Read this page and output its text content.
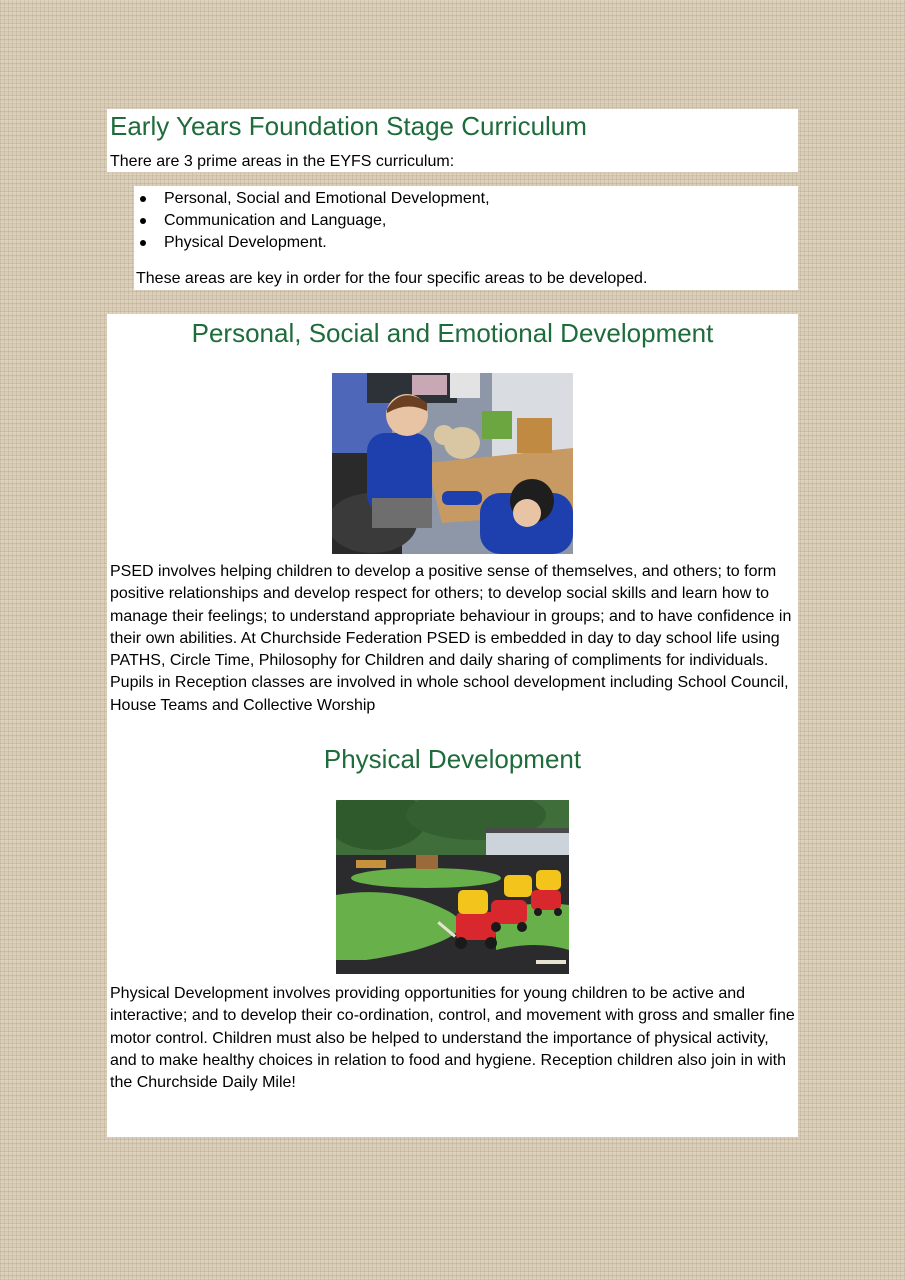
Early Years Foundation Stage Curriculum

There are 3 prime areas in the EYFS curriculum:

Personal, Social and Emotional Development,
Communication and Language,
Physical Development.

These areas are key in order for the four specific areas to be developed.

Personal, Social and Emotional Development

PSED involves helping children to develop a positive sense of themselves, and others; to form positive relationships and develop respect for others; to develop social skills and learn how to manage their feelings; to understand appropriate behaviour in groups; and to have confidence in their own abilities. At Churchside Federation PSED is embedded in day to day school life using PATHS, Circle Time, Philosophy for Children and daily sharing of compliments for individuals. Pupils in Reception classes are involved in whole school development including School Council, House Teams and Collective Worship

Physical Development

Physical Development involves providing opportunities for young children to be active and interactive; and to develop their co-ordination, control, and movement with gross and smaller fine motor control. Children must also be helped to understand the importance of physical activity, and to make healthy choices in relation to food and hygiene. Reception children also join in with the Churchside Daily Mile!
